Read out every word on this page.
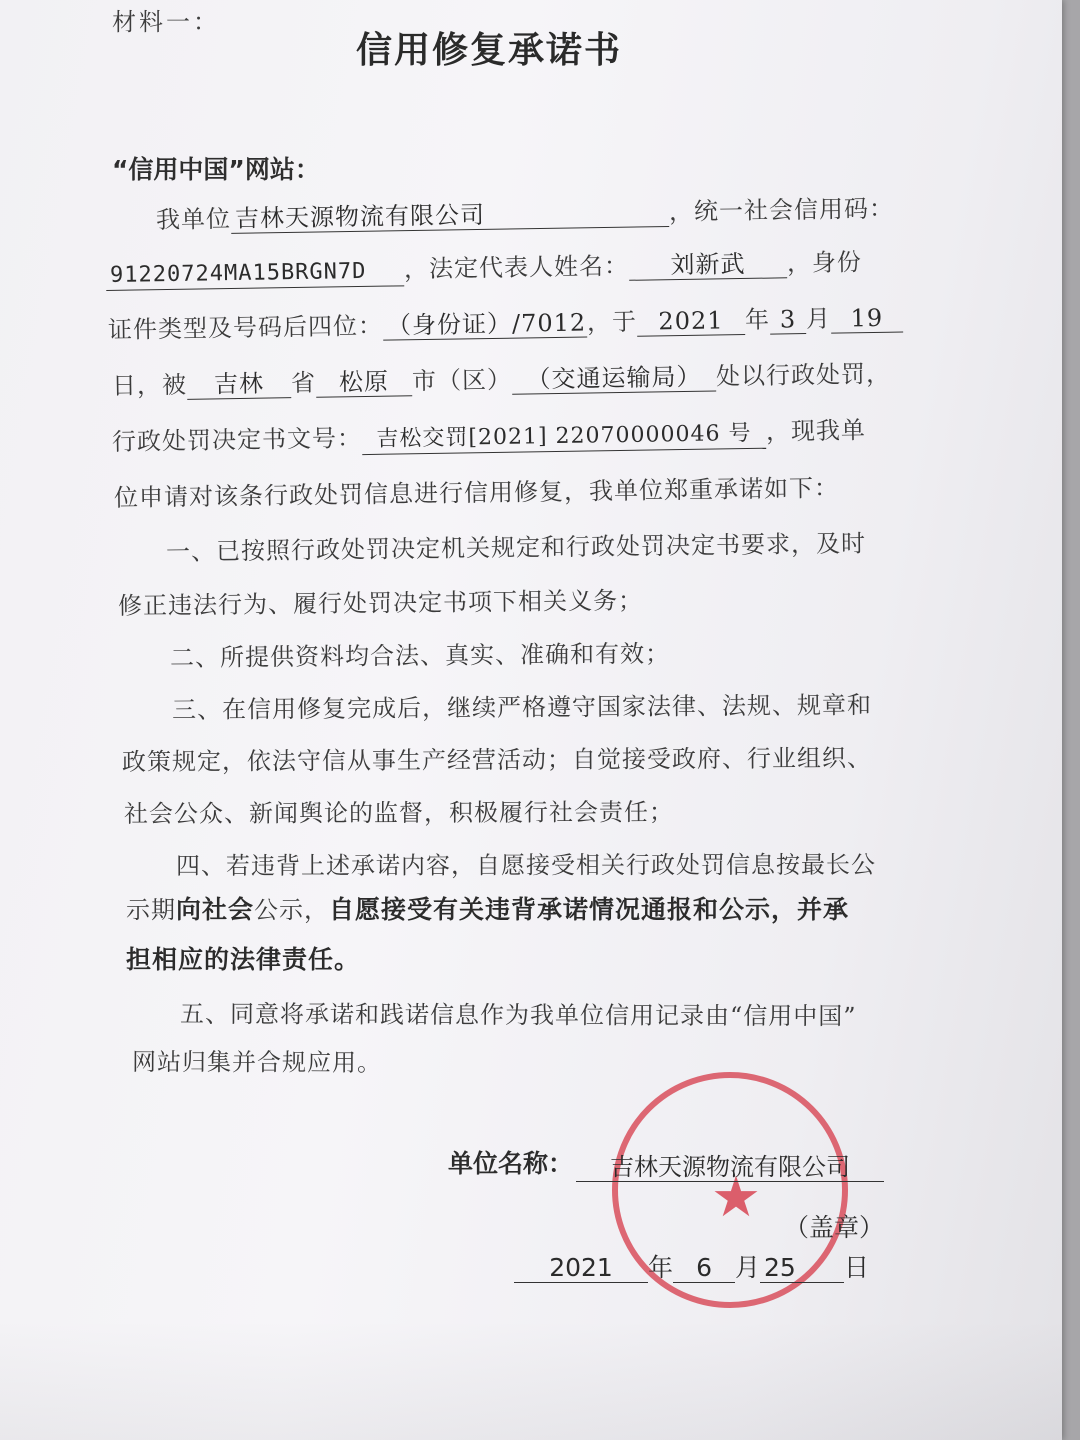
材料一：
信用修复承诺书
“信用中国”网站：
我单位 吉林天源物流有限公司	，统一社会信用码：
91220724MA15BRGN7D ，法定代表人姓名： 刘新武 ，身份
证件类型及号码后四位： （身份证）/7012，于 2021 年 3 月 19
日，被 吉林 省 松原 市（区） （交通运输局） 处以行政处罚，
行政处罚决定书文号： 吉松交罚[2021] 22070000046 号 ，现我单
位申请对该条行政处罚信息进行信用修复，我单位郑重承诺如下：
一、已按照行政处罚决定机关规定和行政处罚决定书要求，及时
修正违法行为、履行处罚决定书项下相关义务；
二、所提供资料均合法、真实、准确和有效；
三、在信用修复完成后，继续严格遵守国家法律、法规、规章和
政策规定，依法守信从事生产经营活动；自觉接受政府、行业组织、
社会公众、新闻舆论的监督，积极履行社会责任；
四、若违背上述承诺内容，自愿接受相关行政处罚信息按最长公
示期向社会公示，自愿接受有关违背承诺情况通报和公示，并承
担相应的法律责任。
五、同意将承诺和践诺信息作为我单位信用记录由“信用中国”
网站归集并合规应用。
★
单位名称：	吉林天源物流有限公司
（盖章）
2021 年 6 月 25 日
